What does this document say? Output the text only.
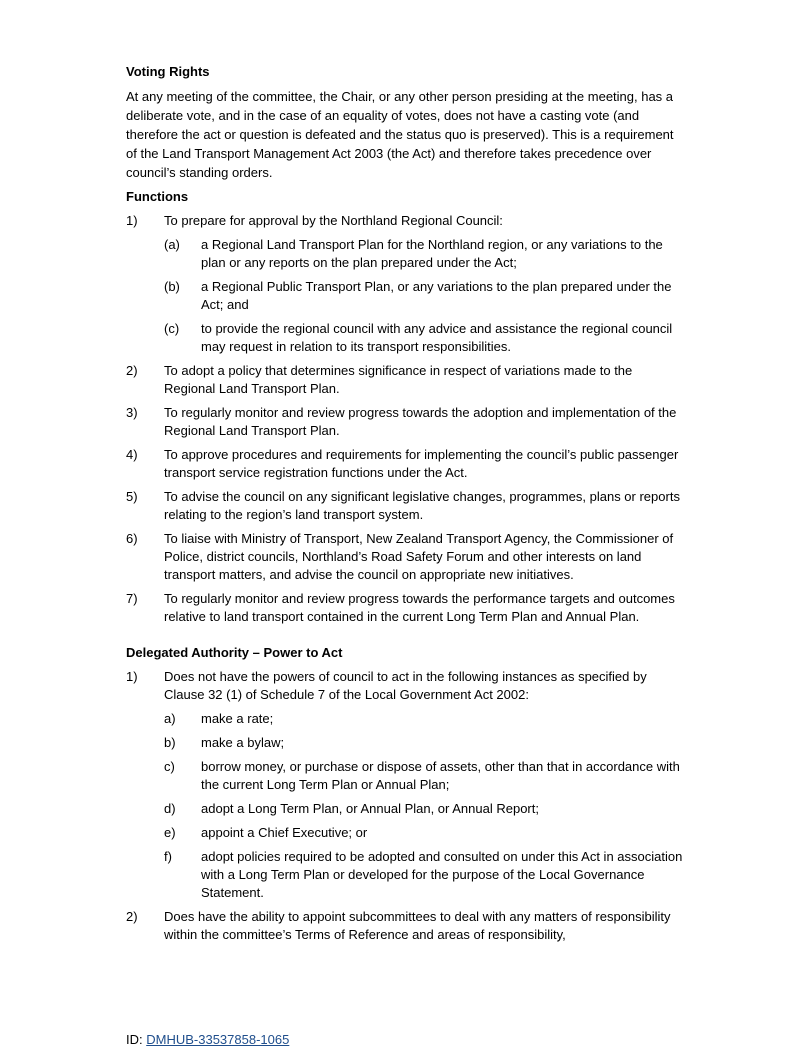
Voting Rights

At any meeting of the committee, the Chair, or any other person presiding at the meeting, has a deliberate vote, and in the case of an equality of votes, does not have a casting vote (and therefore the act or question is defeated and the status quo is preserved). This is a requirement of the Land Transport Management Act 2003 (the Act) and therefore takes precedence over council’s standing orders.

Functions
1)	To prepare for approval by the Northland Regional Council:
(a)	a Regional Land Transport Plan for the Northland region, or any variations to the plan or any reports on the plan prepared under the Act;
(b)	a Regional Public Transport Plan, or any variations to the plan prepared under the Act; and
(c)	to provide the regional council with any advice and assistance the regional council may request in relation to its transport responsibilities.
2)	To adopt a policy that determines significance in respect of variations made to the Regional Land Transport Plan.
3)	To regularly monitor and review progress towards the adoption and implementation of the Regional Land Transport Plan.
4)	To approve procedures and requirements for implementing the council’s public passenger transport service registration functions under the Act.
5)	To advise the council on any significant legislative changes, programmes, plans or reports relating to the region’s land transport system.
6)	To liaise with Ministry of Transport, New Zealand Transport Agency, the Commissioner of Police, district councils, Northland’s Road Safety Forum and other interests on land transport matters, and advise the council on appropriate new initiatives.
7)	To regularly monitor and review progress towards the performance targets and outcomes relative to land transport contained in the current Long Term Plan and Annual Plan.
Delegated Authority – Power to Act
1)	Does not have the powers of council to act in the following instances as specified by Clause 32 (1) of Schedule 7 of the Local Government Act 2002:
a)	make a rate;
b)	make a bylaw;
c)	borrow money, or purchase or dispose of assets, other than that in accordance with the current Long Term Plan or Annual Plan;
d)	adopt a Long Term Plan, or Annual Plan, or Annual Report;
e)	appoint a Chief Executive; or
f)	adopt policies required to be adopted and consulted on under this Act in association with a Long Term Plan or developed for the purpose of the Local Governance Statement.
2)	Does have the ability to appoint subcommittees to deal with any matters of responsibility within the committee’s Terms of Reference and areas of responsibility,
ID: DMHUB-33537858-1065
